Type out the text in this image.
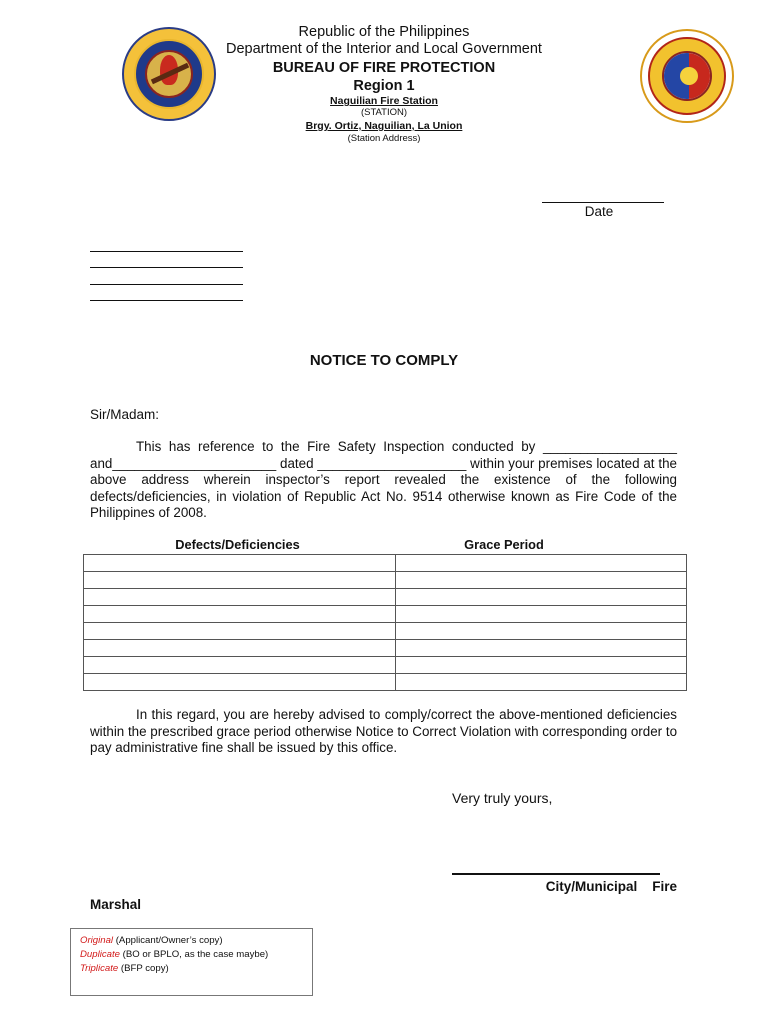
Republic of the Philippines
Department of the Interior and Local Government
BUREAU OF FIRE PROTECTION
Region 1
Naguilian Fire Station
(STATION)
Brgy. Ortiz, Naguilian, La Union
(Station Address)
Date
NOTICE TO COMPLY
Sir/Madam:
This has reference to the Fire Safety Inspection conducted by __________________ and______________________ dated ____________________ within your premises located at the above address wherein inspector’s report revealed the existence of the following defects/deficiencies, in violation of Republic Act No. 9514 otherwise known as Fire Code of the Philippines of 2008.
Defects/Deficiencies	Grace Period

In this regard, you are hereby advised to comply/correct the above-mentioned deficiencies within the prescribed grace period otherwise Notice to Correct Violation with corresponding order to pay administrative fine shall be issued by this office.
Very truly yours,
City/Municipal    Fire
Marshal
Original (Applicant/Owner’s copy)
Duplicate (BO or BPLO, as the case maybe)
Triplicate (BFP copy)
